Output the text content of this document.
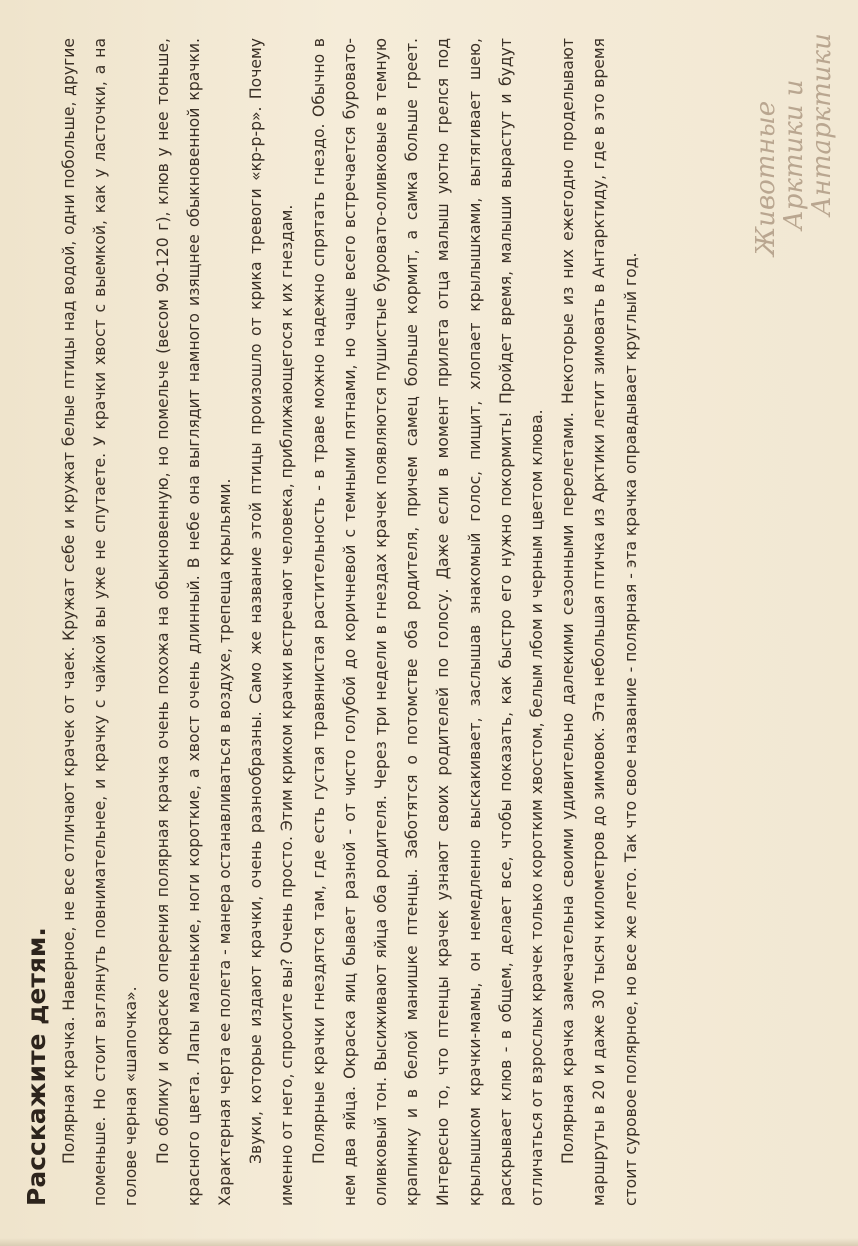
Расскажите детям. Полярная крачка. Наверное, не все отличают крачек от чаек. Кружат себе и кружат белые птицы над водой, одни побольше, другие поменьше. Но стоит взглянуть повнимательнее, и крачку с чайкой вы уже не спутаете. У крачки хвост с выемкой, как у ласточки, а на голове черная «шапочка». По облику и окраске оперения полярная крачка очень похожа на обыкновенную, но помельче (весом 90-120 г), клюв у нее тоньше, красного цвета. Лапы маленькие, ноги короткие, а хвост очень длинный. В небе она выглядит намного изящнее обыкновенной крачки. Характерная черта ее полета - манера останавливаться в воздухе, трепеща крыльями. Звуки, которые издают крачки, очень разнообразны. Само же название этой птицы произошло от крика тревоги «кр-р-р». Почему именно от него, спросите вы? Очень просто. Этим криком крачки встречают человека, приближающегося к их гнездам. Полярные крачки гнездятся там, где есть густая травянистая растительность - в траве можно надежно спрятать гнездо. Обычно в нем два яйца. Окраска яиц бывает разной - от чисто голубой до коричневой с темными пятнами, но чаще всего встречается буровато-оливковый тон. Высиживают яйца оба родителя. Через три недели в гнездах крачек появляются пушистые буровато-оливковые в темную крапинку и в белой манишке птенцы. Заботятся о потомстве оба родителя, причем самец больше кормит, а самка больше греет. Интересно то, что птенцы крачек узнают своих родителей по голосу. Даже если в момент прилета отца малыш уютно грелся под крылышком крачки-мамы, он немедленно выскакивает, заслышав знакомый голос, пищит, хлопает крылышками, вытягивает шею, раскрывает клюв - в общем, делает все, чтобы показать, как быстро его нужно покормить! Пройдет время, малыши вырастут и будут отличаться от взрослых крачек только коротким хвостом, белым лбом и черным цветом клюва. Полярная крачка замечательна своими удивительно далекими сезонными перелетами. Некоторые из них ежегодно проделывают маршруты в 20 и даже 30 тысяч километров до зимовок. Эта небольшая птичка из Арктики летит зимовать в Антарктиду, где в это время стоит суровое полярное, но все же лето. Так что свое название - полярная - эта крачка оправдывает круглый год.

Животные
Арктики и
Антарктики
